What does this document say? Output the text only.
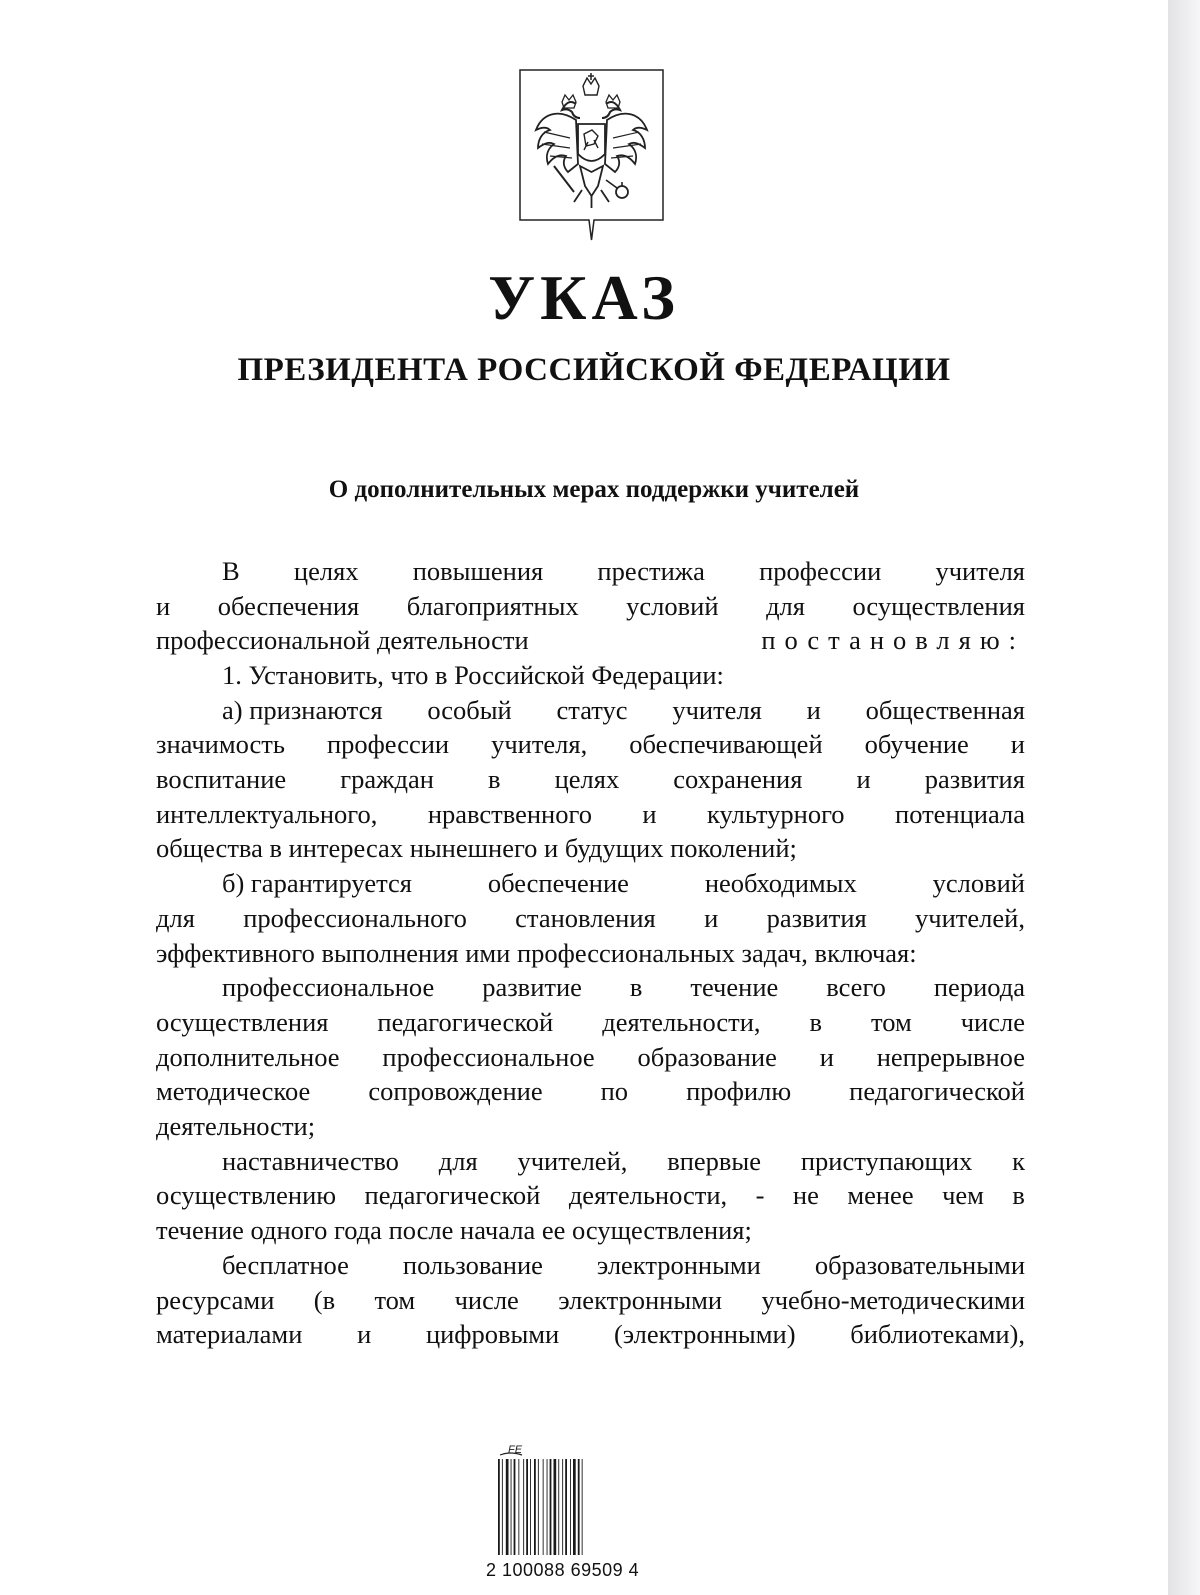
УКАЗ
ПРЕЗИДЕНТА РОССИЙСКОЙ ФЕДЕРАЦИИ
О дополнительных мерах поддержки учителей
В целях повышения престижа профессии учителя
и обеспечения благоприятных условий для осуществления
профессиональной деятельности	постановляю:
1. Установить, что в Российской Федерации:
а) признаются особый статус учителя и общественная
значимость профессии учителя, обеспечивающей обучение и
воспитание граждан в целях сохранения и развития
интеллектуального, нравственного и культурного потенциала
общества в интересах нынешнего и будущих поколений;
б) гарантируется	обеспечение	необходимых	условий
для профессионального становления и развития учителей,
эффективного выполнения ими профессиональных задач, включая:
профессиональное развитие в течение всего периода
осуществления педагогической деятельности, в том числе
дополнительное профессиональное образование и непрерывное
методическое сопровождение по профилю педагогической
деятельности;
наставничество для учителей, впервые приступающих к
осуществлению педагогической деятельности, - не менее чем в
течение одного года после начала ее осуществления;
бесплатное пользование электронными образовательными
ресурсами (в том числе электронными учебно-методическими
материалами и цифровыми (электронными) библиотеками),
FE
2 100088 69509 4
